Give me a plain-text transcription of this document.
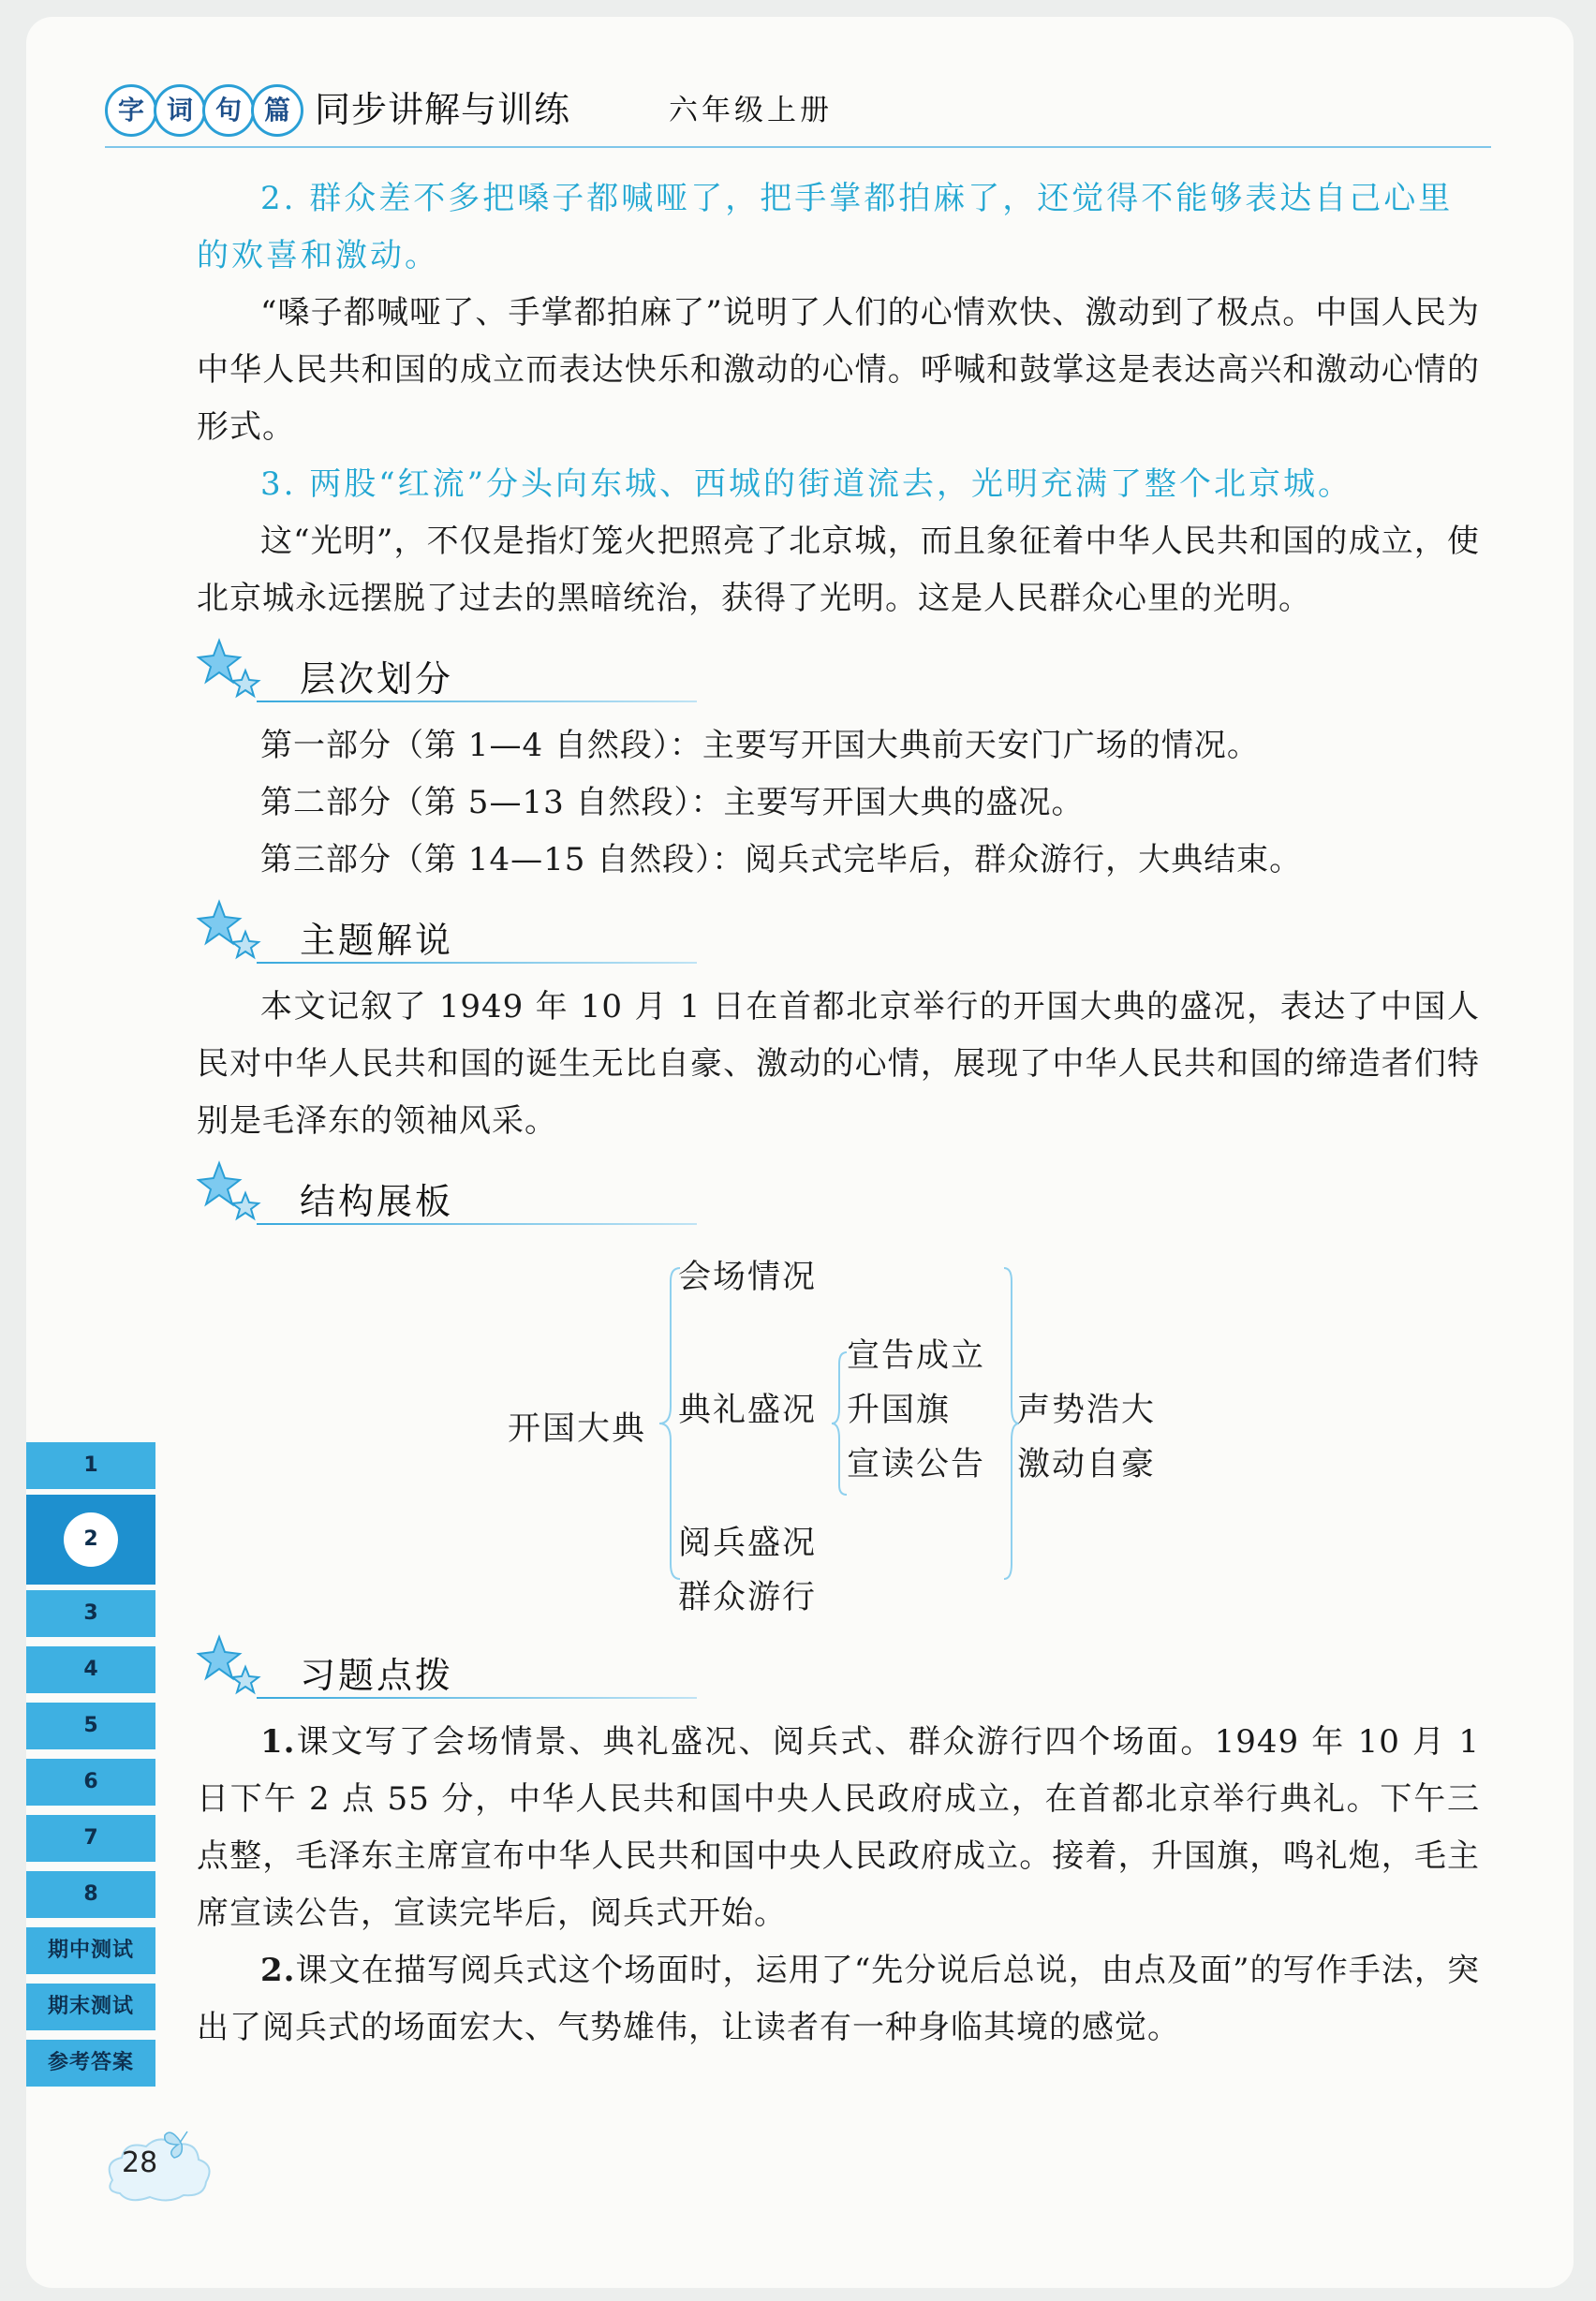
字 词 句 篇 同步讲解与训练	六年级上册

2. 群众差不多把嗓子都喊哑了，把手掌都拍麻了，还觉得不能够表达自己心里的欢喜和激动。

“嗓子都喊哑了、手掌都拍麻了”说明了人们的心情欢快、激动到了极点。中国人民为中华人民共和国的成立而表达快乐和激动的心情。呼喊和鼓掌这是表达高兴和激动心情的形式。

3. 两股“红流”分头向东城、西城的街道流去，光明充满了整个北京城。

这“光明”，不仅是指灯笼火把照亮了北京城，而且象征着中华人民共和国的成立，使北京城永远摆脱了过去的黑暗统治，获得了光明。这是人民群众心里的光明。

层次划分

第一部分（第 1—4 自然段）：主要写开国大典前天安门广场的情况。

第二部分（第 5—13 自然段）：主要写开国大典的盛况。

第三部分（第 14—15 自然段）：阅兵式完毕后，群众游行，大典结束。

主题解说

本文记叙了 1949 年 10 月 1 日在首都北京举行的开国大典的盛况，表达了中国人民对中华人民共和国的诞生无比自豪、激动的心情，展现了中华人民共和国的缔造者们特别是毛泽东的领袖风采。

结构展板
开国大典
会场情况
典礼盛况
阅兵盛况
群众游行
宣告成立
升国旗
宣读公告
声势浩大
激动自豪
习题点拨

1.课文写了会场情景、典礼盛况、阅兵式、群众游行四个场面。1949 年 10 月 1 日下午 2 点 55 分，中华人民共和国中央人民政府成立，在首都北京举行典礼。下午三点整，毛泽东主席宣布中华人民共和国中央人民政府成立。接着，升国旗，鸣礼炮，毛主席宣读公告，宣读完毕后，阅兵式开始。

2.课文在描写阅兵式这个场面时，运用了“先分说后总说，由点及面”的写作手法，突出了阅兵式的场面宏大、气势雄伟，让读者有一种身临其境的感觉。

1
2
3
4
5
6
7
8
期中测试
期末测试
参考答案
28
